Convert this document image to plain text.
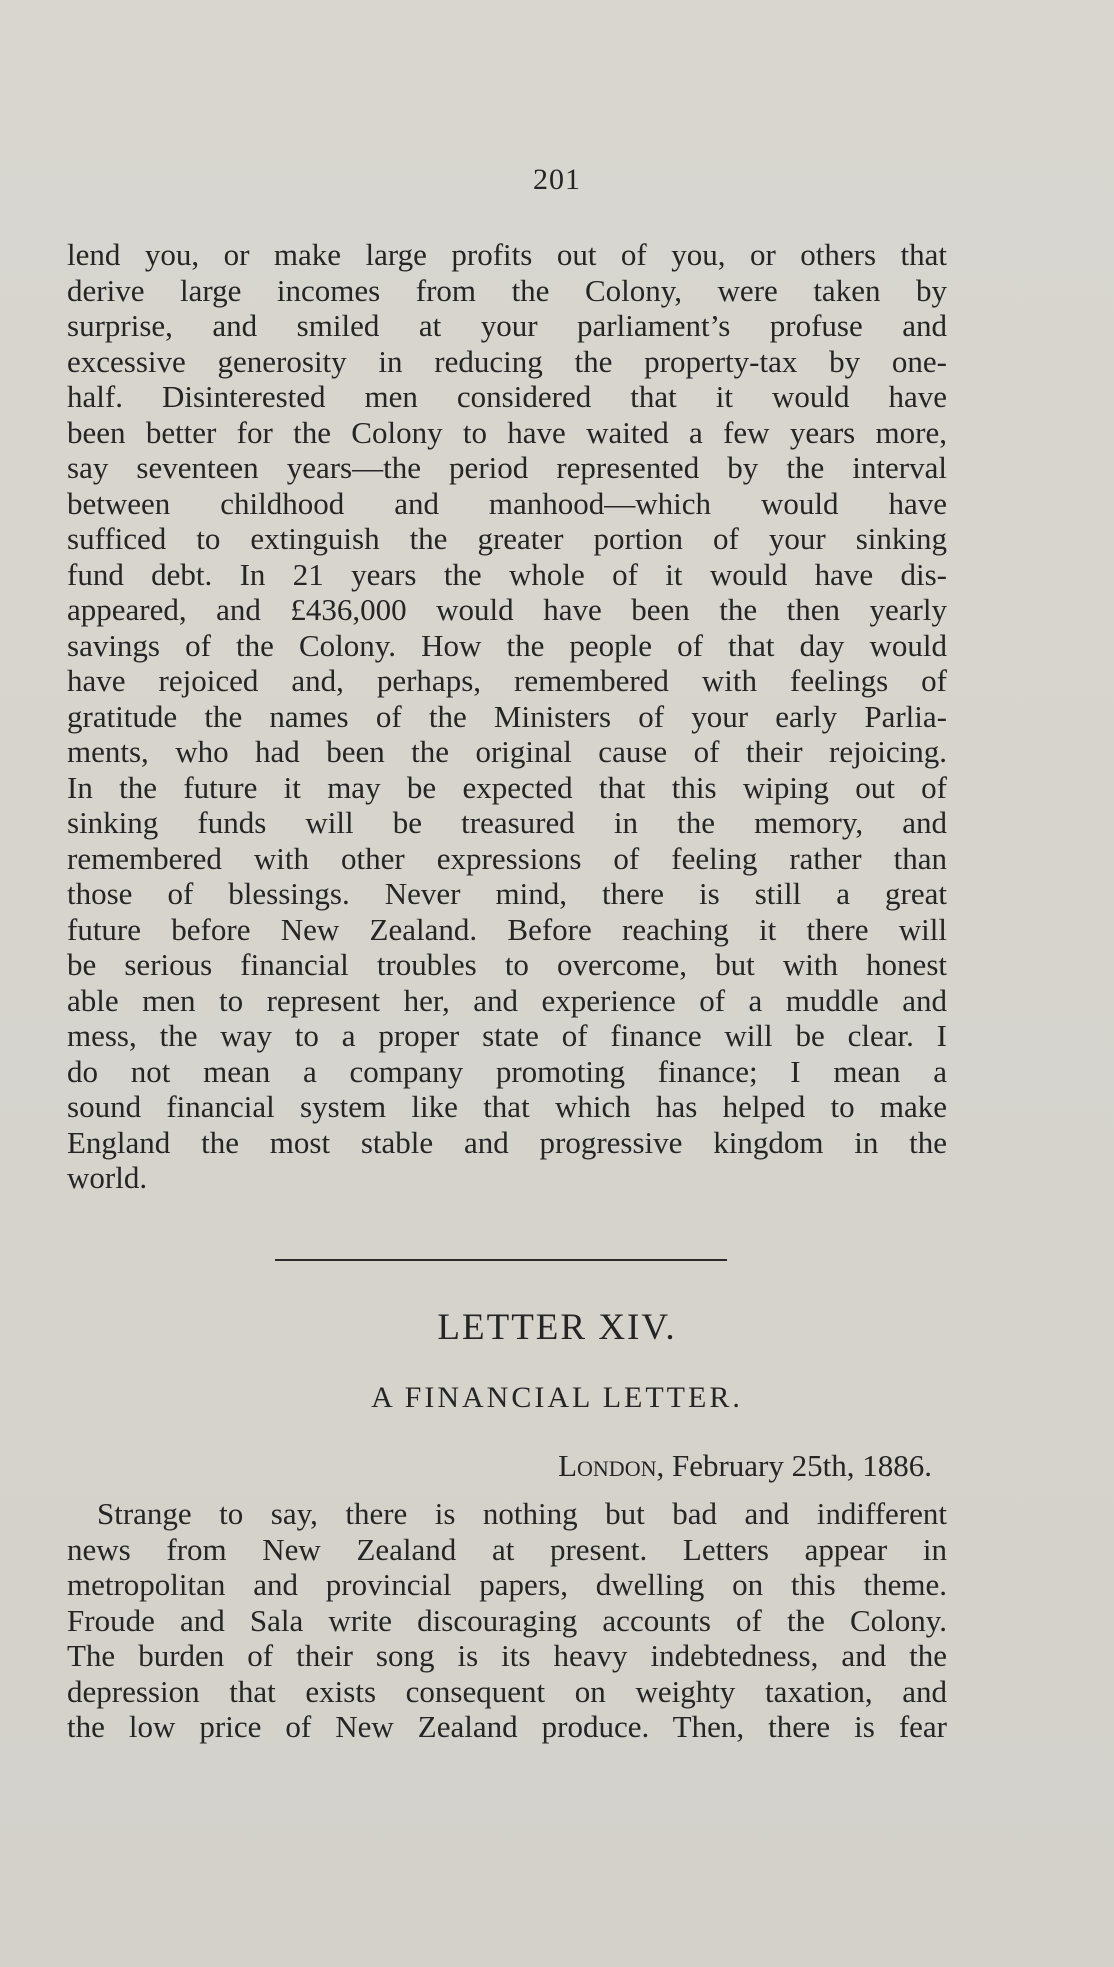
201
lend you, or make large profits out of you, or others that
derive large incomes from the Colony, were taken by
surprise, and smiled at your parliament’s profuse and
excessive generosity in reducing the property-tax by one-
half. Disinterested men considered that it would have
been better for the Colony to have waited a few years more,
say seventeen years—the period represented by the interval
between childhood and manhood—which would have
sufficed to extinguish the greater portion of your sinking
fund debt. In 21 years the whole of it would have dis-
appeared, and £436,000 would have been the then yearly
savings of the Colony. How the people of that day would
have rejoiced and, perhaps, remembered with feelings of
gratitude the names of the Ministers of your early Parlia-
ments, who had been the original cause of their rejoicing.
In the future it may be expected that this wiping out of
sinking funds will be treasured in the memory, and
remembered with other expressions of feeling rather than
those of blessings. Never mind, there is still a great
future before New Zealand. Before reaching it there will
be serious financial troubles to overcome, but with honest
able men to represent her, and experience of a muddle and
mess, the way to a proper state of finance will be clear. I
do not mean a company promoting finance; I mean a
sound financial system like that which has helped to make
England the most stable and progressive kingdom in the
world.
LETTER XIV.
A FINANCIAL LETTER.
London, February 25th, 1886.
Strange to say, there is nothing but bad and indifferent
news from New Zealand at present. Letters appear in
metropolitan and provincial papers, dwelling on this theme.
Froude and Sala write discouraging accounts of the Colony.
The burden of their song is its heavy indebtedness, and the
depression that exists consequent on weighty taxation, and
the low price of New Zealand produce. Then, there is fear
